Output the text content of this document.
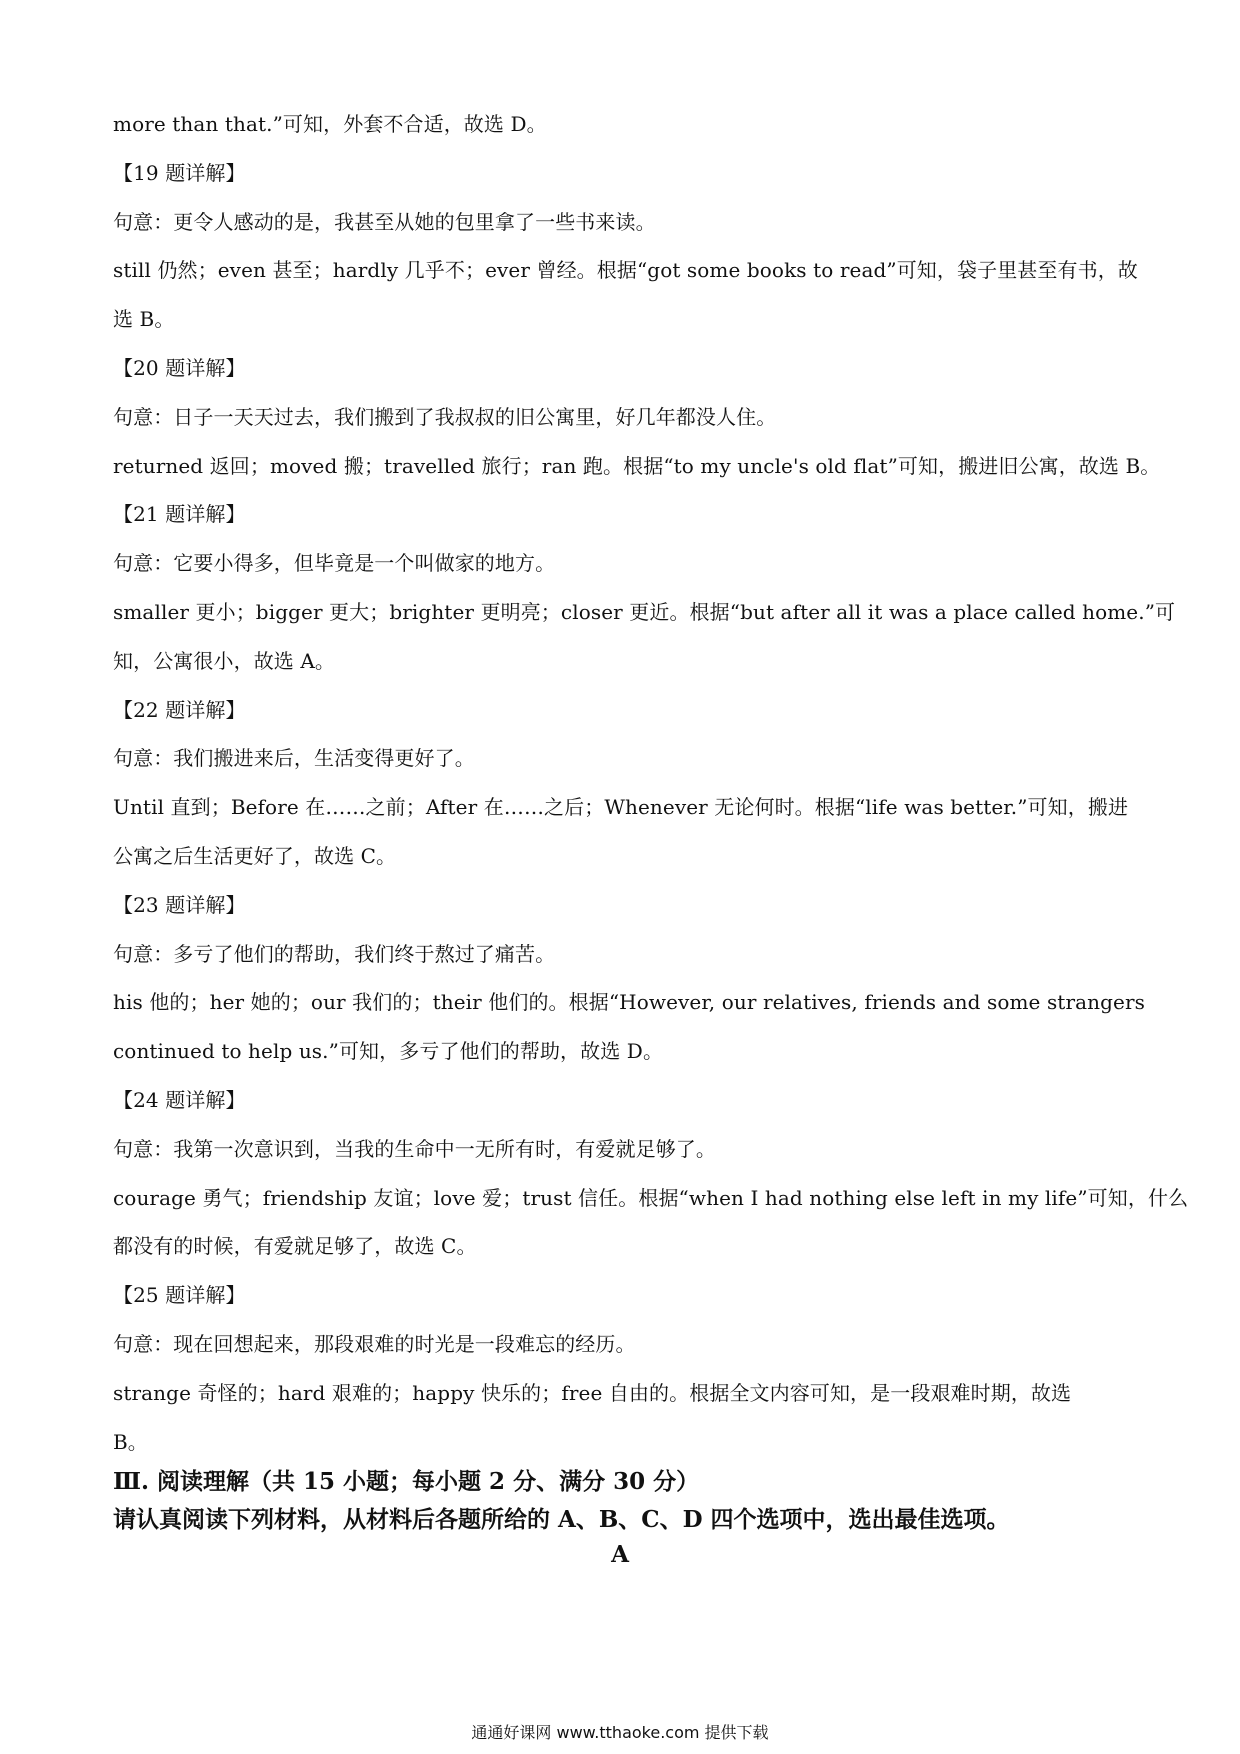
more than that.”可知，外套不合适，故选 D。
【19 题详解】
句意：更令人感动的是，我甚至从她的包里拿了一些书来读。
still 仍然；even 甚至；hardly 几乎不；ever 曾经。根据“got some books to read”可知，袋子里甚至有书，故
选 B。
【20 题详解】
句意：日子一天天过去，我们搬到了我叔叔的旧公寓里，好几年都没人住。
returned 返回；moved 搬；travelled 旅行；ran 跑。根据“to my uncle's old flat”可知，搬进旧公寓，故选 B。
【21 题详解】
句意：它要小得多，但毕竟是一个叫做家的地方。
smaller 更小；bigger 更大；brighter 更明亮；closer 更近。根据“but after all it was a place called home.”可
知，公寓很小，故选 A。
【22 题详解】
句意：我们搬进来后，生活变得更好了。
Until 直到；Before 在……之前；After 在……之后；Whenever 无论何时。根据“life was better.”可知，搬进
公寓之后生活更好了，故选 C。
【23 题详解】
句意：多亏了他们的帮助，我们终于熬过了痛苦。
his 他的；her 她的；our 我们的；their 他们的。根据“However, our relatives, friends and some strangers
continued to help us.”可知，多亏了他们的帮助，故选 D。
【24 题详解】
句意：我第一次意识到，当我的生命中一无所有时，有爱就足够了。
courage 勇气；friendship 友谊；love 爱；trust 信任。根据“when I had nothing else left in my life”可知，什么
都没有的时候，有爱就足够了，故选 C。
【25 题详解】
句意：现在回想起来，那段艰难的时光是一段难忘的经历。
strange 奇怪的；hard 艰难的；happy 快乐的；free 自由的。根据全文内容可知，是一段艰难时期，故选
B。
Ⅲ. 阅读理解（共 15 小题；每小题 2 分、满分 30 分）
请认真阅读下列材料，从材料后各题所给的 A、B、C、D 四个选项中，选出最佳选项。
A
通通好课网 www.tthaoke.com 提供下载
